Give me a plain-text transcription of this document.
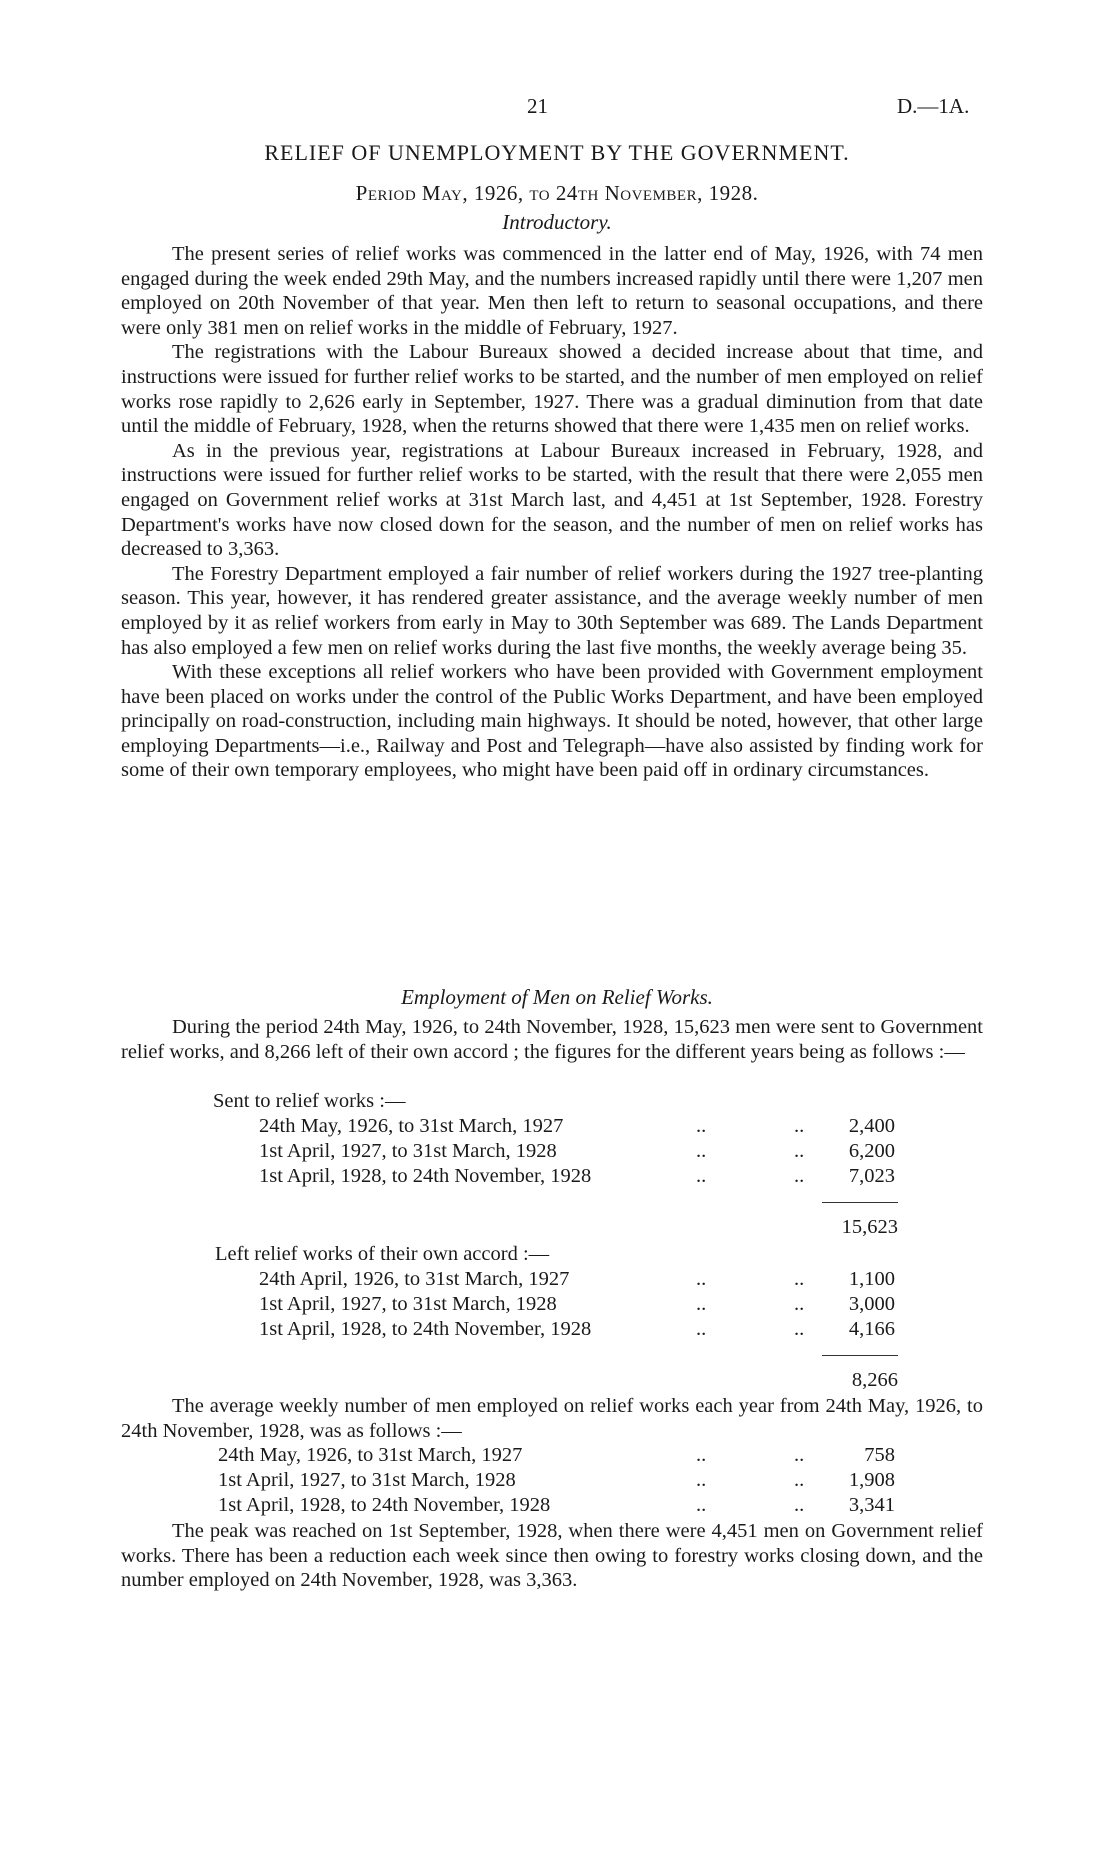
21	D.—1A.
RELIEF OF UNEMPLOYMENT BY THE GOVERNMENT.
Period May, 1926, to 24th November, 1928.
Introductory.

The present series of relief works was commenced in the latter end of May, 1926, with 74 men engaged during the week ended 29th May, and the numbers increased rapidly until there were 1,207 men employed on 20th November of that year. Men then left to return to seasonal occupations, and there were only 381 men on relief works in the middle of February, 1927.

The registrations with the Labour Bureaux showed a decided increase about that time, and instructions were issued for further relief works to be started, and the number of men employed on relief works rose rapidly to 2,626 early in September, 1927. There was a gradual diminution from that date until the middle of February, 1928, when the returns showed that there were 1,435 men on relief works.

As in the previous year, registrations at Labour Bureaux increased in February, 1928, and instructions were issued for further relief works to be started, with the result that there were 2,055 men engaged on Government relief works at 31st March last, and 4,451 at 1st September, 1928. Forestry Department's works have now closed down for the season, and the number of men on relief works has decreased to 3,363.

The Forestry Department employed a fair number of relief workers during the 1927 tree-planting season. This year, however, it has rendered greater assistance, and the average weekly number of men employed by it as relief workers from early in May to 30th September was 689. The Lands Department has also employed a few men on relief works during the last five months, the weekly average being 35.

With these exceptions all relief workers who have been provided with Government employment have been placed on works under the control of the Public Works Department, and have been employed principally on road-construction, including main highways. It should be noted, however, that other large employing Departments—i.e., Railway and Post and Telegraph—have also assisted by finding work for some of their own temporary employees, who might have been paid off in ordinary circumstances.

Employment of Men on Relief Works.

During the period 24th May, 1926, to 24th November, 1928, 15,623 men were sent to Government relief works, and 8,266 left of their own accord ; the figures for the different years being as follows :—

Sent to relief works :—
24th May, 1926, to 31st March, 1927	..	.. 2,400
1st April, 1927, to 31st March, 1928	..	.. 6,200
1st April, 1928, to 24th November, 1928	..	.. 7,023
15,623
Left relief works of their own accord :—
24th April, 1926, to 31st March, 1927	..	.. 1,100
1st April, 1927, to 31st March, 1928	..	.. 3,000
1st April, 1928, to 24th November, 1928	..	.. 4,166
8,266

The average weekly number of men employed on relief works each year from 24th May, 1926, to 24th November, 1928, was as follows :—

24th May, 1926, to 31st March, 1927	..	..	758
1st April, 1927, to 31st March, 1928	..	.. 1,908
1st April, 1928, to 24th November, 1928	..	.. 3,341

The peak was reached on 1st September, 1928, when there were 4,451 men on Government relief works. There has been a reduction each week since then owing to forestry works closing down, and the number employed on 24th November, 1928, was 3,363.
